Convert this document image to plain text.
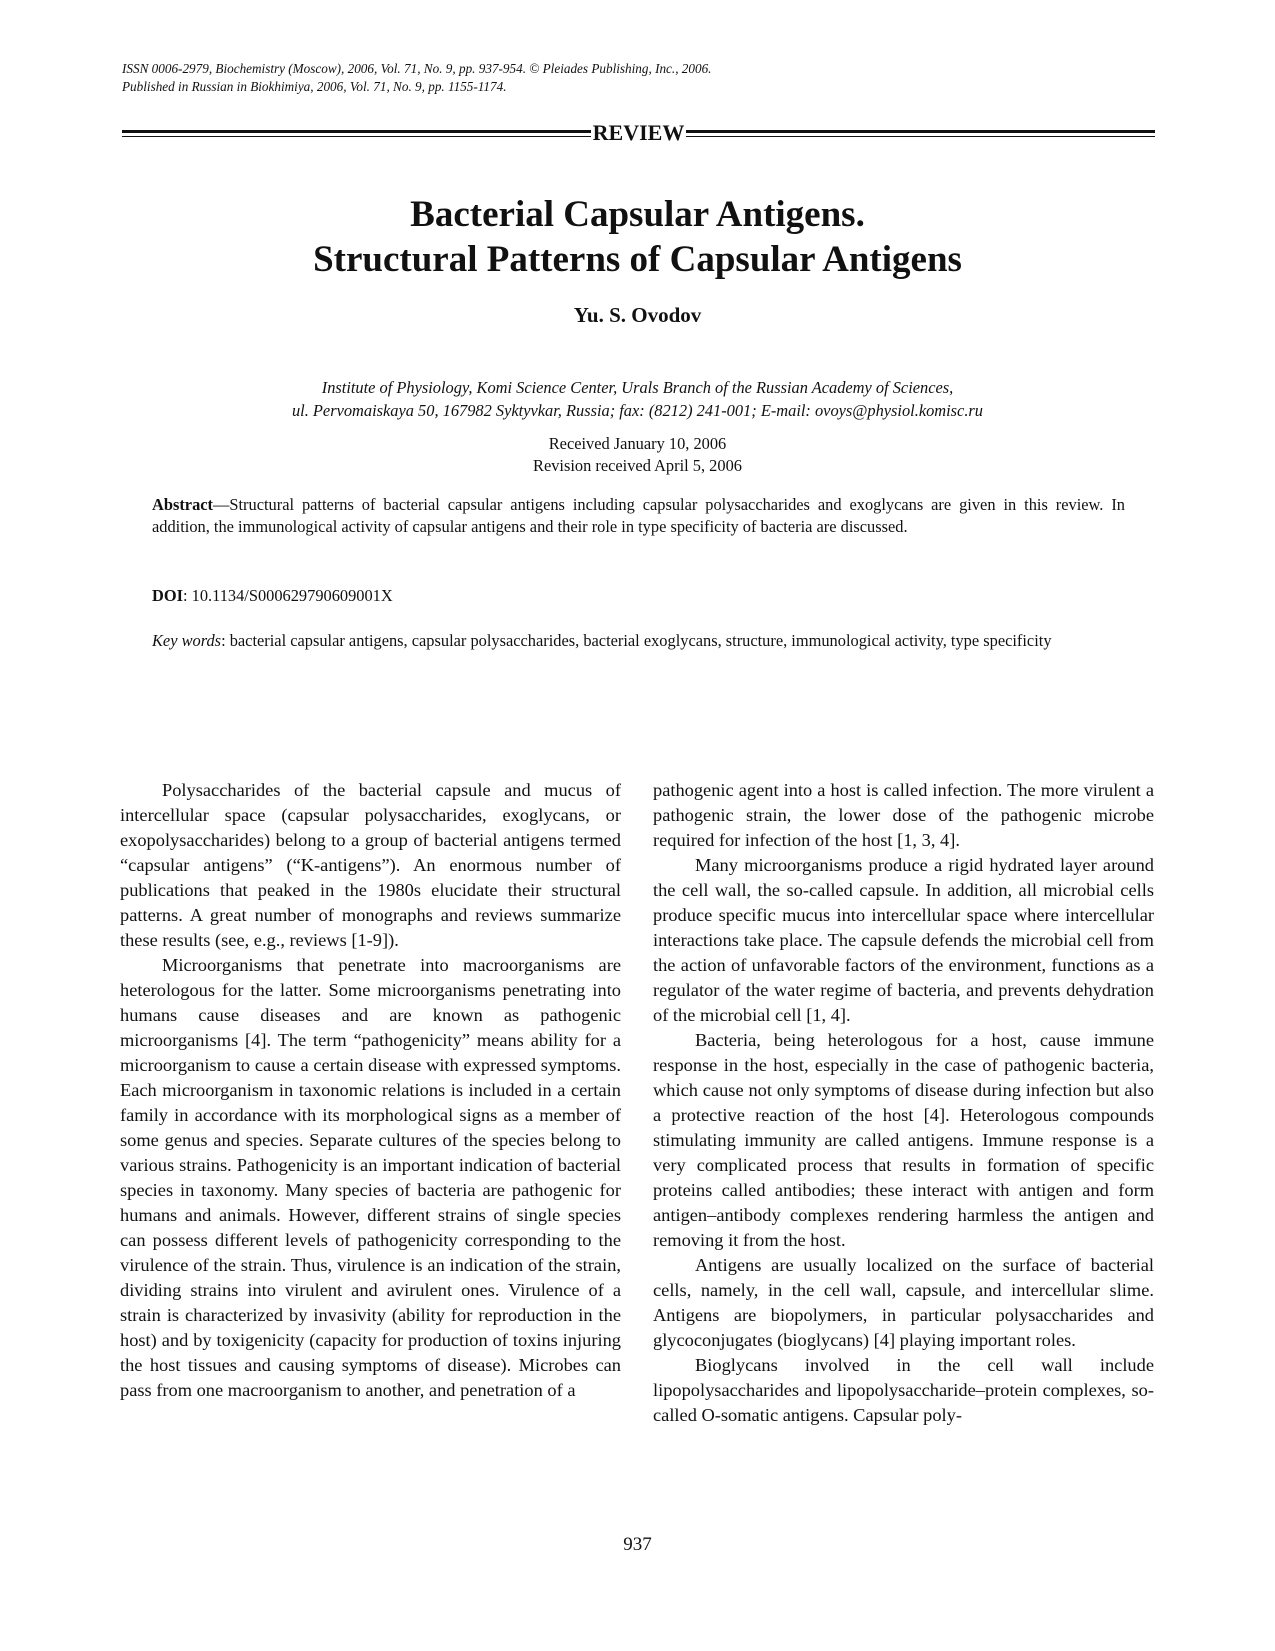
ISSN 0006-2979, Biochemistry (Moscow), 2006, Vol. 71, No. 9, pp. 937-954. © Pleiades Publishing, Inc., 2006.
Published in Russian in Biokhimiya, 2006, Vol. 71, No. 9, pp. 1155-1174.
REVIEW
Bacterial Capsular Antigens.
Structural Patterns of Capsular Antigens
Yu. S. Ovodov
Institute of Physiology, Komi Science Center, Urals Branch of the Russian Academy of Sciences,
ul. Pervomaiskaya 50, 167982 Syktyvkar, Russia; fax: (8212) 241-001; E-mail: ovoys@physiol.komisc.ru
Received January 10, 2006
Revision received April 5, 2006
Abstract—Structural patterns of bacterial capsular antigens including capsular polysaccharides and exoglycans are given in this review. In addition, the immunological activity of capsular antigens and their role in type specificity of bacteria are discussed.
DOI: 10.1134/S000629790609001X
Key words: bacterial capsular antigens, capsular polysaccharides, bacterial exoglycans, structure, immunological activity, type specificity

Polysaccharides of the bacterial capsule and mucus of intercellular space (capsular polysaccharides, exoglycans, or exopolysaccharides) belong to a group of bacterial antigens termed “capsular antigens” (“K-antigens”). An enormous number of publications that peaked in the 1980s elucidate their structural patterns. A great number of monographs and reviews summarize these results (see, e.g., reviews [1-9]).

Microorganisms that penetrate into macroorganisms are heterologous for the latter. Some microorganisms penetrating into humans cause diseases and are known as pathogenic microorganisms [4]. The term “pathogenicity” means ability for a microorganism to cause a certain disease with expressed symptoms. Each microorganism in taxonomic relations is included in a certain family in accordance with its morphological signs as a member of some genus and species. Separate cultures of the species belong to various strains. Pathogenicity is an important indication of bacterial species in taxonomy. Many species of bacteria are pathogenic for humans and animals. However, different strains of single species can possess different levels of pathogenicity corresponding to the virulence of the strain. Thus, virulence is an indication of the strain, dividing strains into virulent and avirulent ones. Virulence of a strain is characterized by invasivity (ability for reproduction in the host) and by toxigenicity (capacity for production of toxins injuring the host tissues and causing symptoms of disease). Microbes can pass from one macroorganism to another, and penetration of a

pathogenic agent into a host is called infection. The more virulent a pathogenic strain, the lower dose of the pathogenic microbe required for infection of the host [1, 3, 4].

Many microorganisms produce a rigid hydrated layer around the cell wall, the so-called capsule. In addition, all microbial cells produce specific mucus into intercellular space where intercellular interactions take place. The capsule defends the microbial cell from the action of unfavorable factors of the environment, functions as a regulator of the water regime of bacteria, and prevents dehydration of the microbial cell [1, 4].

Bacteria, being heterologous for a host, cause immune response in the host, especially in the case of pathogenic bacteria, which cause not only symptoms of disease during infection but also a protective reaction of the host [4]. Heterologous compounds stimulating immunity are called antigens. Immune response is a very complicated process that results in formation of specific proteins called antibodies; these interact with antigen and form antigen–antibody complexes rendering harmless the antigen and removing it from the host.

Antigens are usually localized on the surface of bacterial cells, namely, in the cell wall, capsule, and intercellular slime. Antigens are biopolymers, in particular polysaccharides and glycoconjugates (bioglycans) [4] playing important roles.

Bioglycans involved in the cell wall include lipopolysaccharides and lipopolysaccharide–protein complexes, so-called O-somatic antigens. Capsular poly-

937
